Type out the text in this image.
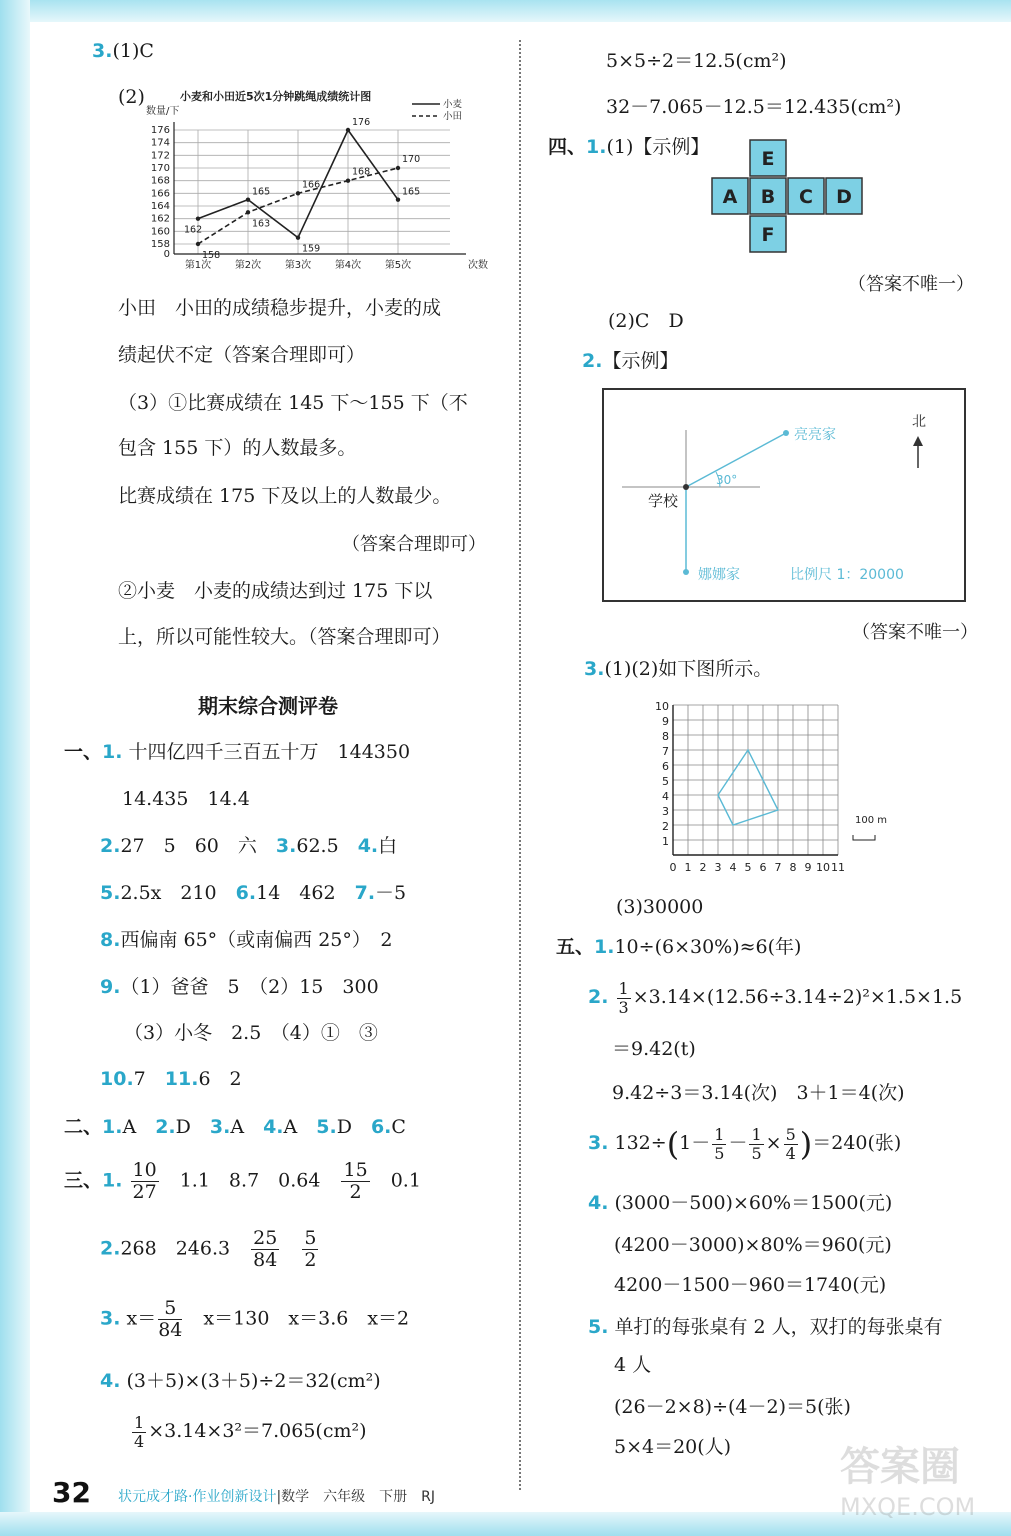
3.(1)C
(2)	小麦和小田近5次1分钟跳绳成绩统计图
数量/下
小麦
小田
162
165
159
176
165
158
163
166
168
170
0
158
160
162
164
166
168
170
172
174
176
第1次 第2次 第3次 第4次 第5次	次数
小田　小田的成绩稳步提升，小麦的成
绩起伏不定（答案合理即可）
（3）①比赛成绩在 145 下～155 下（不
包含 155 下）的人数最多。
比赛成绩在 175 下及以上的人数最少。
（答案合理即可）
②小麦　小麦的成绩达到过 175 下以
上，所以可能性较大。（答案合理即可）
期末综合测评卷
一、1. 十四亿四千三百五十万　144350
14.435　14.4
2.27　5　60　六　 3.62.5　 4.白
5.2.5x　210　 6.14　462　 7.－5
8.西偏南 65°（或南偏西 25°）　2
9.（1）爸爸　5　（2）15　300
（3）小冬　2.5　（4）①　③
10.7　 11.6　2
二、1.A　2.D　3.A　4.A　5.D　6.C
三、1. $\frac{10}{27}$
　 1.1　8.7　0.64　 $\frac{15}{2}$
　 0.1
2.268　246.3　 $\frac{25}{84}$
　 $\frac{5}{2}$
3. $x= \frac{5}{84}$
　 x＝130　x＝3.6　x＝2
4. (3＋5)×(3＋5)÷2＝32(cm²)
$\frac{1}{4} \times 3.14\times 3^2=7.065(cm^2)$
5×5÷2＝12.5(cm²)
32－7.065－12.5＝12.435(cm²)
四、1.(1)【示例】
E
A B C D
F
（答案不唯一）
(2)C　D
2.【示例】
北
30°
学校
亮亮家
娜娜家	比例尺 1：20000
（答案不唯一）
3.(1)(2)如下图所示。
10
9
8
7
6
5
4
3
2
1
0 1 2 3 4 5 6 7 8 9 10 11
100 m
(3)30000
五、1.10÷(6×30%)≈6(年)
2. $\frac{1}{3} \times 3.14\times(12.56\div 3.14\div 2)^2\times 1.5\times 1.5$
＝9.42(t)
9.42÷3＝3.14(次)　3＋1＝4(次)
3. $132\div(1- \frac{1}{5} - \frac{1}{5} \times \frac{5}{4} )=240$(张)
4. (3000－500)×60%＝1500(元)
(4200－3000)×80%＝960(元)
4200－1500－960＝1740(元)
5. 单打的每张桌有 2 人，双打的每张桌有
4 人
(26－2×8)÷(4－2)＝5(张)
5×4＝20(人)
32 状元成才路·作业创新设计|数学　六年级　下册　RJ
答案圈
MXQE.COM
